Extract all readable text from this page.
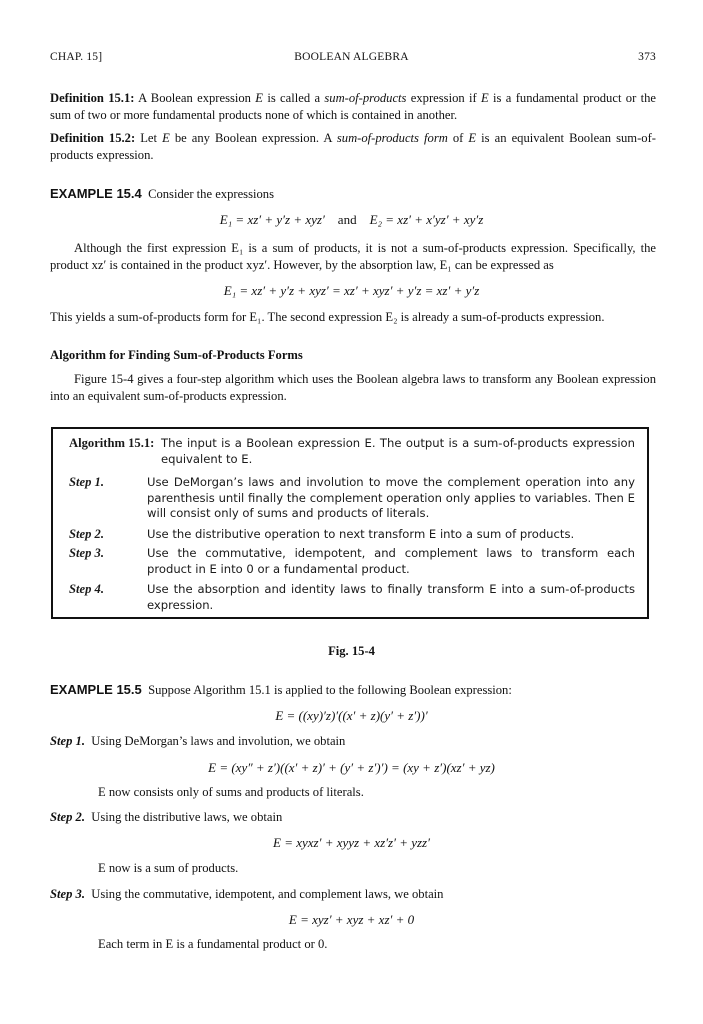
CHAP. 15]	BOOLEAN ALGEBRA	373
Definition 15.1: A Boolean expression E is called a sum-of-products expression if E is a fundamental product or the sum of two or more fundamental products none of which is contained in another.
Definition 15.2: Let E be any Boolean expression. A sum-of-products form of E is an equivalent Boolean sum-of-products expression.
EXAMPLE 15.4 Consider the expressions
E₁ = xz′ + y′z + xyz′ and E₂ = xz′ + x′yz′ + xy′z
Although the first expression E₁ is a sum of products, it is not a sum-of-products expression. Specifically, the product xz′ is contained in the product xyz′. However, by the absorption law, E₁ can be expressed as
E₁ = xz′ + y′z + xyz′ = xz′ + xyz′ + y′z = xz′ + y′z
This yields a sum-of-products form for E₁. The second expression E₂ is already a sum-of-products expression.
Algorithm for Finding Sum-of-Products Forms
Figure 15-4 gives a four-step algorithm which uses the Boolean algebra laws to transform any Boolean expression into an equivalent sum-of-products expression.
Algorithm 15.1: The input is a Boolean expression E. The output is a sum-of-products expression equivalent to E.
Step 1.	Use DeMorgan’s laws and involution to move the complement operation into any parenthesis until finally the complement operation only applies to variables. Then E will consist only of sums and products of literals.
Step 2.	Use the distributive operation to next transform E into a sum of products.
Step 3.	Use the commutative, idempotent, and complement laws to transform each product in E into 0 or a fundamental product.
Step 4.	Use the absorption and identity laws to finally transform E into a sum-of-products expression.
Fig. 15-4
EXAMPLE 15.5 Suppose Algorithm 15.1 is applied to the following Boolean expression:
E = ((xy)′z)′((x′ + z)(y′ + z′))′
Step 1. Using DeMorgan’s laws and involution, we obtain
E = (xy″ + z′)((x′ + z)′ + (y′ + z′)′) = (xy + z′)(xz′ + yz)
E now consists only of sums and products of literals.
Step 2. Using the distributive laws, we obtain
E = xyxz′ + xyyz + xz′z′ + yzz′
E now is a sum of products.
Step 3. Using the commutative, idempotent, and complement laws, we obtain
E = xyz′ + xyz + xz′ + 0
Each term in E is a fundamental product or 0.
